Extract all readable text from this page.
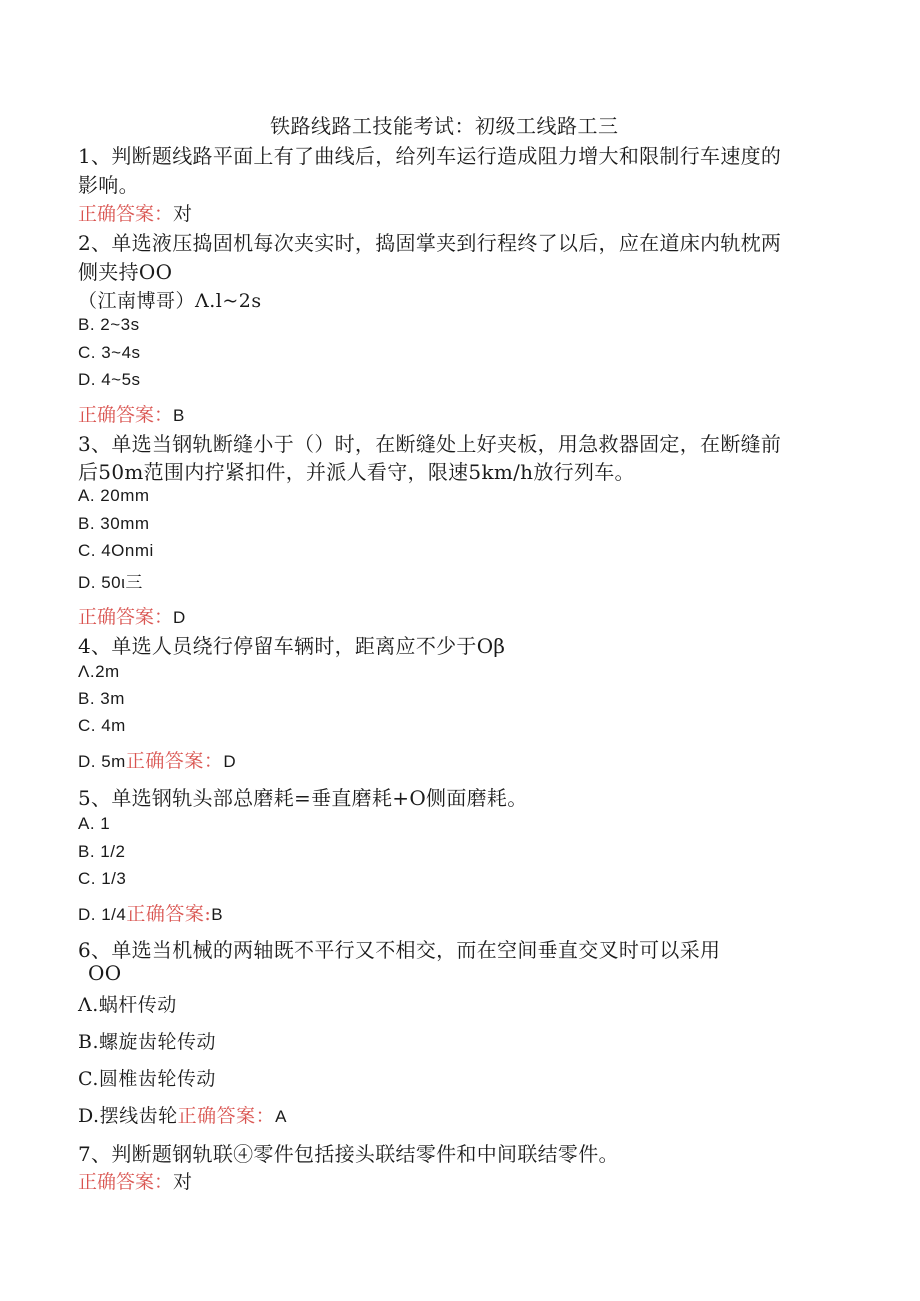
铁路线路工技能考试：初级工线路工三
1、判断题线路平面上有了曲线后，给列车运行造成阻力增大和限制行车速度的
影响。
正确答案：对
2、单选液压捣固机每次夹实时，捣固掌夹到行程终了以后，应在道床内轨枕两
侧夹持OO
（江南博哥）Λ.l~2s
B. 2~3s
C. 3~4s
D. 4~5s
正确答案：B
3、单选当钢轨断缝小于（）时，在断缝处上好夹板，用急救器固定，在断缝前
后50m范围内拧紧扣件，并派人看守，限速5km∕h放行列车。
A. 20mm
B. 30mm
C. 4Onmi
D. 50ι三
正确答案：D
4、单选人员绕行停留车辆时，距离应不少于Oβ
Λ.2m
B. 3m
C. 4m
D. 5m正确答案：D
5、单选钢轨头部总磨耗=垂直磨耗+O侧面磨耗。
A. 1
B. 1/2
C. 1/3
D. 1/4正确答案:B
6、单选当机械的两轴既不平行又不相交，而在空间垂直交叉时可以采用
OO
Λ.蜗杆传动
B.螺旋齿轮传动
C.圆椎齿轮传动
D.摆线齿轮正确答案：A
7、判断题钢轨联④零件包括接头联结零件和中间联结零件。
正确答案：对
